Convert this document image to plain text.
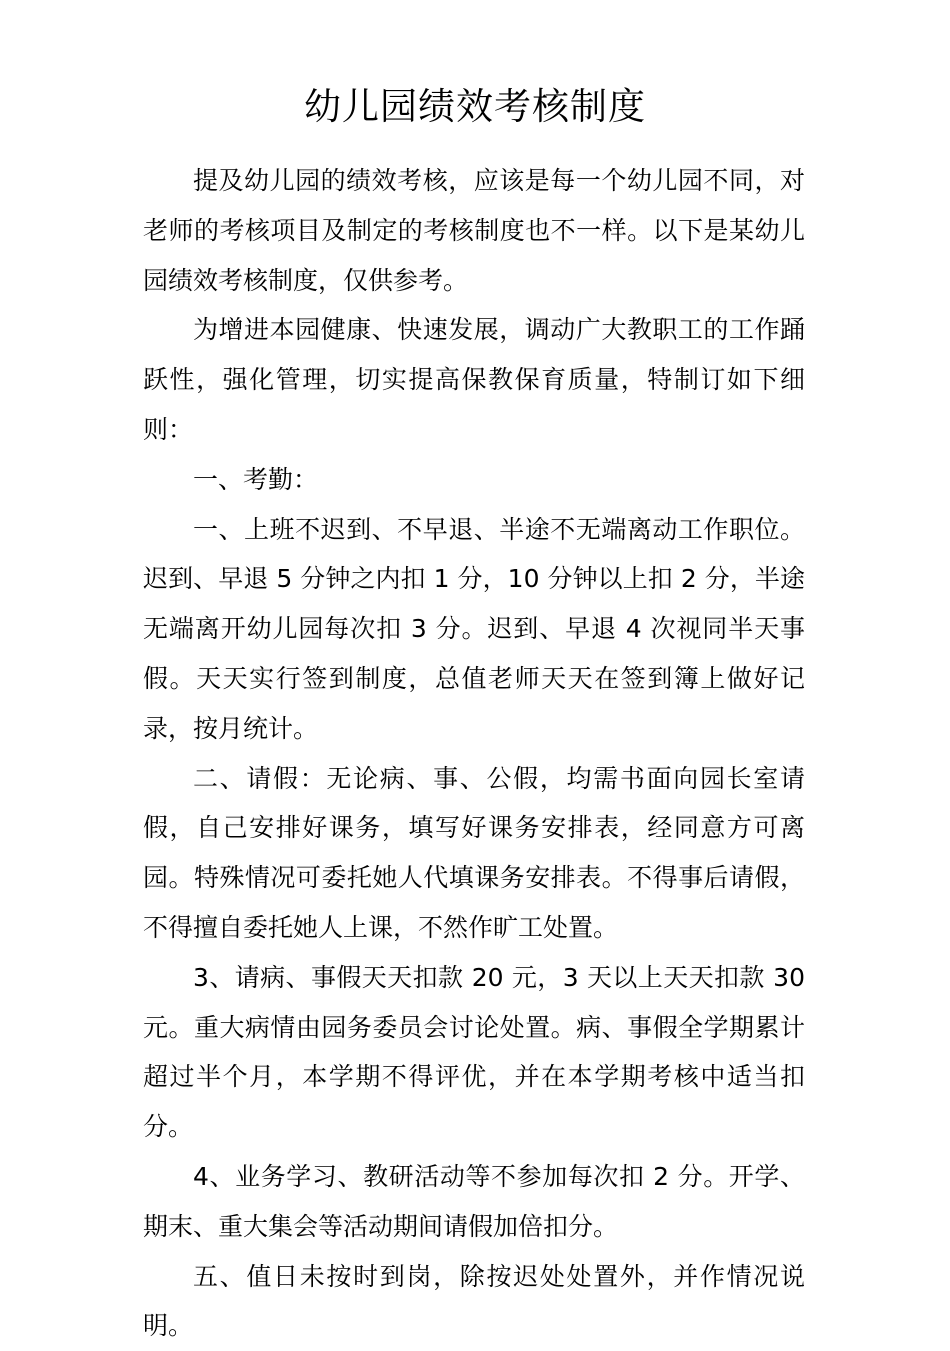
幼儿园绩效考核制度

提及幼儿园的绩效考核，应该是每一个幼儿园不同，对老师的考核项目及制定的考核制度也不一样。以下是某幼儿园绩效考核制度，仅供参考。

为增进本园健康、快速发展，调动广大教职工的工作踊跃性，强化管理，切实提高保教保育质量，特制订如下细则：

一、考勤：

一、上班不迟到、不早退、半途不无端离动工作职位。迟到、早退 5 分钟之内扣 1 分，10 分钟以上扣 2 分，半途无端离开幼儿园每次扣 3 分。迟到、早退 4 次视同半天事假。天天实行签到制度，总值老师天天在签到簿上做好记录，按月统计。

二、请假：无论病、事、公假，均需书面向园长室请假，自己安排好课务，填写好课务安排表，经同意方可离园。特殊情况可委托她人代填课务安排表。不得事后请假，不得擅自委托她人上课，不然作旷工处置。

3、请病、事假天天扣款 20 元，3 天以上天天扣款 30 元。重大病情由园务委员会讨论处置。病、事假全学期累计超过半个月，本学期不得评优，并在本学期考核中适当扣分。

4、业务学习、教研活动等不参加每次扣 2 分。开学、期末、重大集会等活动期间请假加倍扣分。

五、值日未按时到岗，除按迟处处置外，并作情况说明。
